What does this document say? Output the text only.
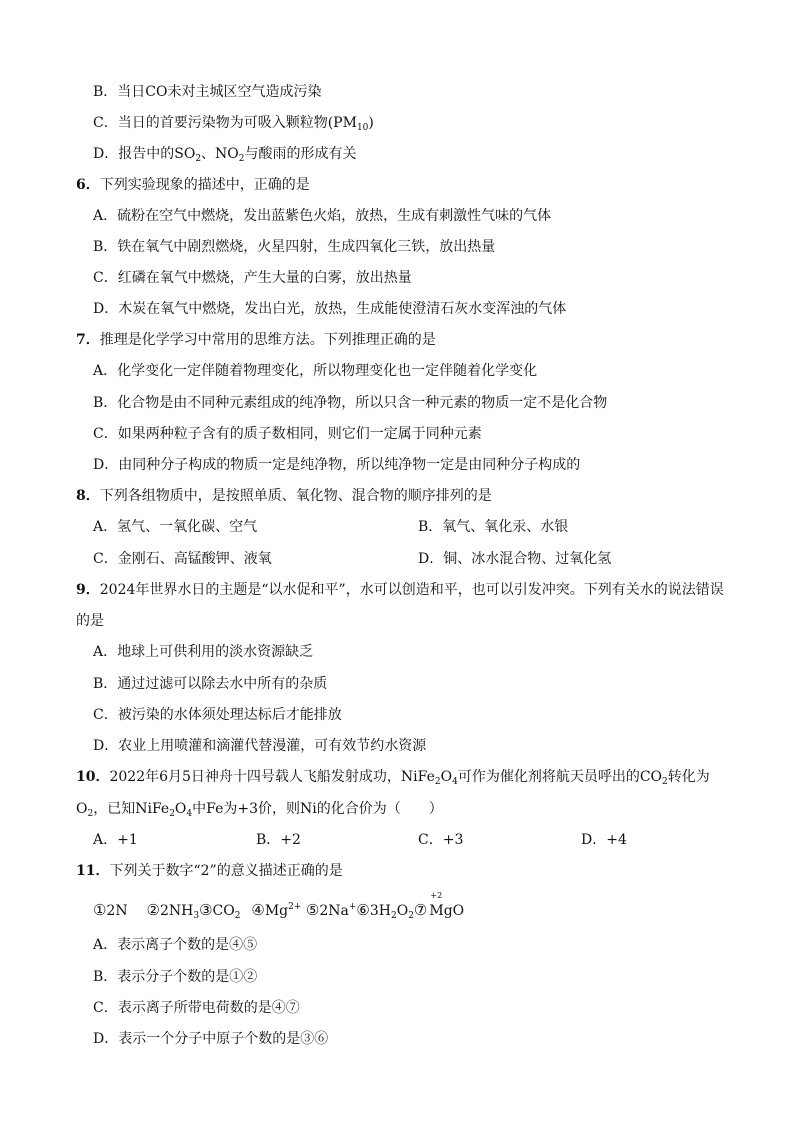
B．当日CO未对主城区空气造成污染
C．当日的首要污染物为可吸入颗粒物$(PM_{10})$
D．报告中的$SO_2$、$NO_2$与酸雨的形成有关
6．下列实验现象的描述中，正确的是
A．硫粉在空气中燃烧，发出蓝紫色火焰，放热，生成有刺激性气味的气体
B．铁在氧气中剧烈燃烧，火星四射，生成四氧化三铁，放出热量
C．红磷在氧气中燃烧，产生大量的白雾，放出热量
D．木炭在氧气中燃烧，发出白光，放热，生成能使澄清石灰水变浑浊的气体
7．推理是化学学习中常用的思维方法。下列推理正确的是
A．化学变化一定伴随着物理变化，所以物理变化也一定伴随着化学变化
B．化合物是由不同种元素组成的纯净物，所以只含一种元素的物质一定不是化合物
C．如果两种粒子含有的质子数相同，则它们一定属于同种元素
D．由同种分子构成的物质一定是纯净物，所以纯净物一定是由同种分子构成的
8．下列各组物质中，是按照单质、氧化物、混合物的顺序排列的是
A．氢气、一氧化碳、空气	B．氧气、氧化汞、水银
C．金刚石、高锰酸钾、液氧	D．铜、冰水混合物、过氧化氢
9．2024年世界水日的主题是“以水促和平”，水可以创造和平，也可以引发冲突。下列有关水的说法错误
的是
A．地球上可供利用的淡水资源缺乏
B．通过过滤可以除去水中所有的杂质
C．被污染的水体须处理达标后才能排放
D．农业上用喷灌和滴灌代替漫灌，可有效节约水资源
10．2022年6月5日神舟十四号载人飞船发射成功，$NiFe_2O_4$可作为催化剂将航天员呼出的$CO_2$转化为
$O_2$，已知$NiFe_2O_4$中Fe为+3价，则Ni的化合价为（　　）
A．+1	B．+2	C．+3	D．+4
11．下列关于数字“2”的意义描述正确的是
①2N $②2NH_3③CO_2$ $④Mg^{2+}$ $⑤2Na^+⑥3H_2O_2⑦$
+2
MgO
A．表示离子个数的是④⑤
B．表示分子个数的是①②
C．表示离子所带电荷数的是④⑦
D．表示一个分子中原子个数的是③⑥
